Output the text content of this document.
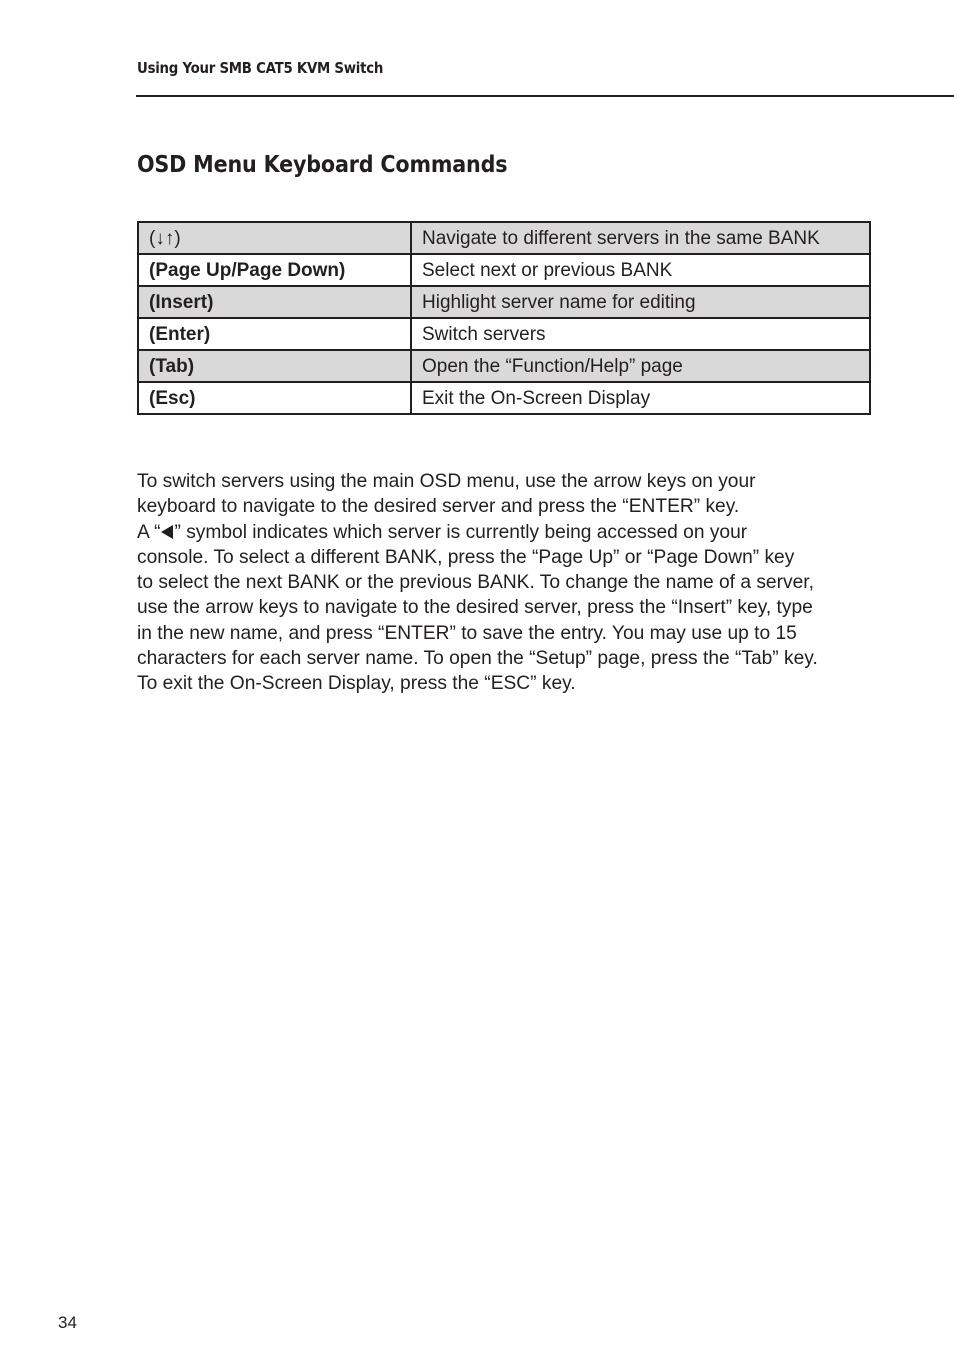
Using Your SMB CAT5 KVM Switch
OSD Menu Keyboard Commands
(↓↑)	Navigate to different servers in the same BANK
(Page Up/Page Down)	Select next or previous BANK
(Insert)	Highlight server name for editing
(Enter)	Switch servers
(Tab)	Open the “Function/Help” page
(Esc)	Exit the On-Screen Display
To switch servers using the main OSD menu, use the arrow keys on your
keyboard to navigate to the desired server and press the “ENTER” key.
A “ ” symbol indicates which server is currently being accessed on your
console. To select a different BANK, press the “Page Up” or “Page Down” key
to select the next BANK or the previous BANK. To change the name of a server,
use the arrow keys to navigate to the desired server, press the “Insert” key, type
in the new name, and press “ENTER” to save the entry. You may use up to 15
characters for each server name. To open the “Setup” page, press the “Tab” key.
To exit the On-Screen Display, press the “ESC” key.
34
